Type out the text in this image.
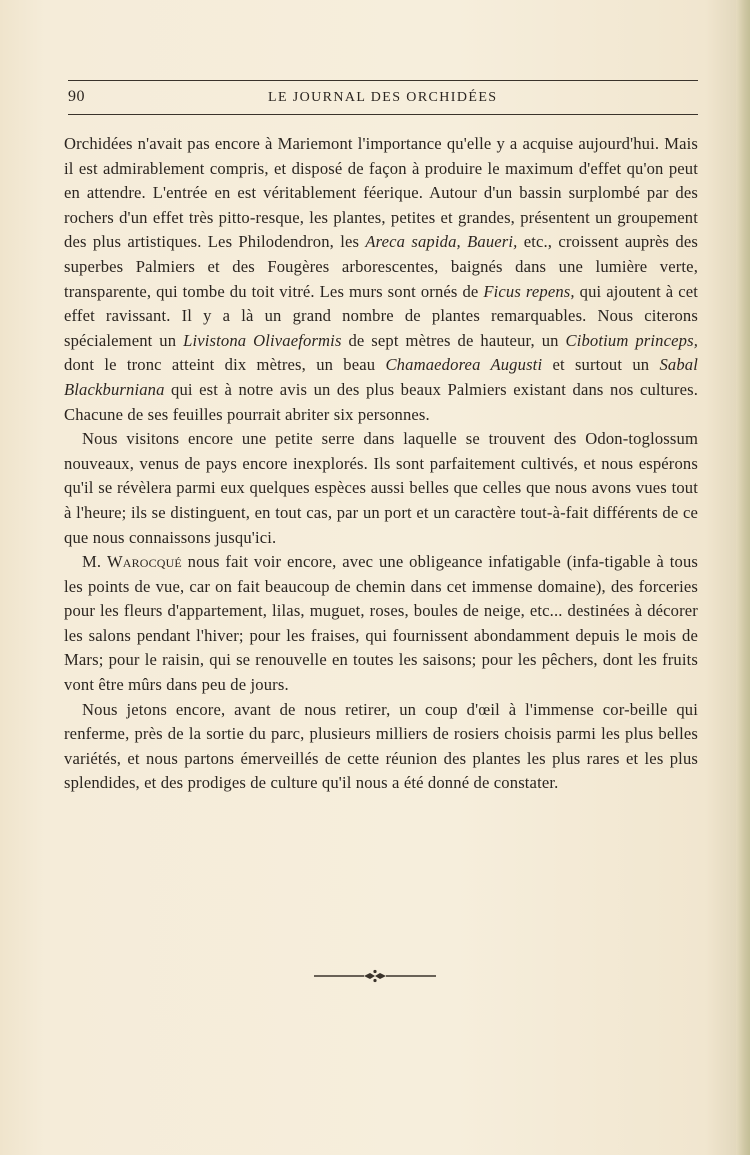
90	LE JOURNAL DES ORCHIDÉES

Orchidées n'avait pas encore à Mariemont l'importance qu'elle y a acquise aujourd'hui. Mais il est admirablement compris, et disposé de façon à produire le maximum d'effet qu'on peut en attendre. L'entrée en est véritablement féerique. Autour d'un bassin surplombé par des rochers d'un effet très pitto-resque, les plantes, petites et grandes, présentent un groupement des plus artistiques. Les Philodendron, les Areca sapida, Baueri, etc., croissent auprès des superbes Palmiers et des Fougères arborescentes, baignés dans une lumière verte, transparente, qui tombe du toit vitré. Les murs sont ornés de Ficus repens, qui ajoutent à cet effet ravissant. Il y a là un grand nombre de plantes remarquables. Nous citerons spécialement un Livistona Olivaeformis de sept mètres de hauteur, un Cibotium princeps, dont le tronc atteint dix mètres, un beau Chamaedorea Augusti et surtout un Sabal Blackburniana qui est à notre avis un des plus beaux Palmiers existant dans nos cultures. Chacune de ses feuilles pourrait abriter six personnes.

Nous visitons encore une petite serre dans laquelle se trouvent des Odon-toglossum nouveaux, venus de pays encore inexplorés. Ils sont parfaitement cultivés, et nous espérons qu'il se révèlera parmi eux quelques espèces aussi belles que celles que nous avons vues tout à l'heure; ils se distinguent, en tout cas, par un port et un caractère tout-à-fait différents de ce que nous connaissons jusqu'ici.

M. Warocqué nous fait voir encore, avec une obligeance infatigable (infa-tigable à tous les points de vue, car on fait beaucoup de chemin dans cet immense domaine), des forceries pour les fleurs d'appartement, lilas, muguet, roses, boules de neige, etc... destinées à décorer les salons pendant l'hiver; pour les fraises, qui fournissent abondamment depuis le mois de Mars; pour le raisin, qui se renouvelle en toutes les saisons; pour les pêchers, dont les fruits vont être mûrs dans peu de jours.

Nous jetons encore, avant de nous retirer, un coup d'œil à l'immense cor-beille qui renferme, près de la sortie du parc, plusieurs milliers de rosiers choisis parmi les plus belles variétés, et nous partons émerveillés de cette réunion des plantes les plus rares et les plus splendides, et des prodiges de culture qu'il nous a été donné de constater.
